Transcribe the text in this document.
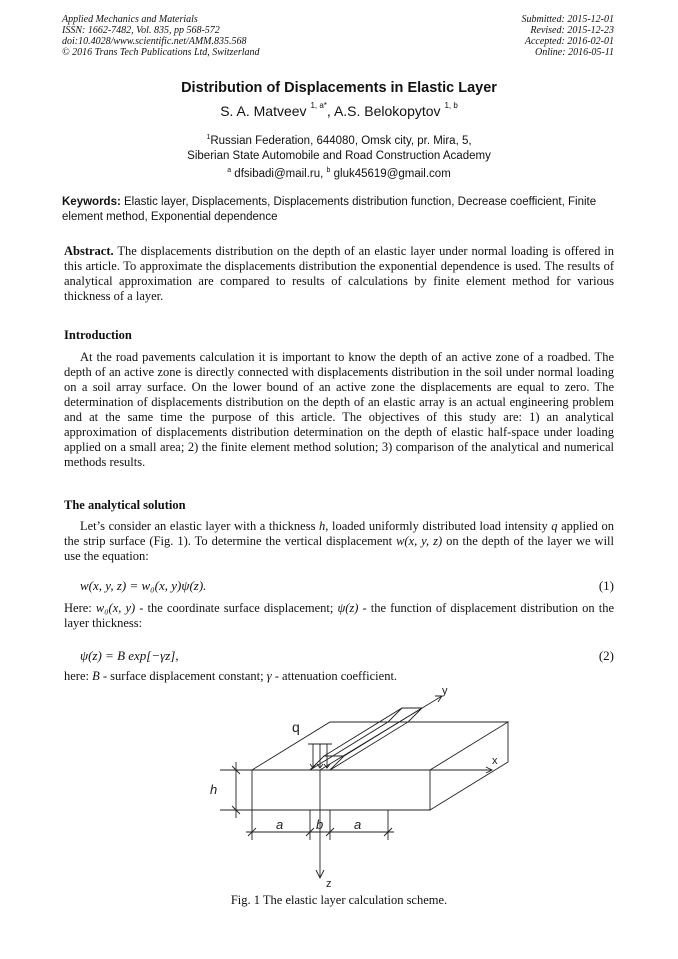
Applied Mechanics and Materials
ISSN: 1662-7482, Vol. 835, pp 568-572
doi:10.4028/www.scientific.net/AMM.835.568
© 2016 Trans Tech Publications Ltd, Switzerland
Submitted: 2015-12-01
Revised: 2015-12-23
Accepted: 2016-02-01
Online: 2016-05-11
Distribution of Displacements in Elastic Layer
S. A. Matveev $^{1, a*}$, A.S. Belokopytov $^{1, b}$
$^1$Russian Federation, 644080, Omsk city, pr. Mira, 5,
Siberian State Automobile and Road Construction Academy
$^a$ dfsibadi@mail.ru, $^b$ gluk45619@gmail.com
Keywords: Elastic layer, Displacements, Displacements distribution function, Decrease coefficient, Finite element method, Exponential dependence
Abstract. The displacements distribution on the depth of an elastic layer under normal loading is offered in this article. To approximate the displacements distribution the exponential dependence is used. The results of analytical approximation are compared to results of calculations by finite element method for various thickness of a layer.
Introduction
At the road pavements calculation it is important to know the depth of an active zone of a roadbed. The depth of an active zone is directly connected with displacements distribution in the soil under normal loading on a soil array surface. On the lower bound of an active zone the displacements are equal to zero. The determination of displacements distribution on the depth of an elastic array is an actual engineering problem and at the same time the purpose of this article. The objectives of this study are: 1) an analytical approximation of displacements distribution determination on the depth of elastic half-space under loading applied on a small area; 2) the finite element method solution; 3) comparison of the analytical and numerical methods results.
The analytical solution
Let’s consider an elastic layer with a thickness h, loaded uniformly distributed load intensity q applied on the strip surface (Fig. 1). To determine the vertical displacement w(x, y, z) on the depth of the layer we will use the equation:
w(x, y, z) = w₀(x, y)ψ(z).	(1)
Here: w₀(x, y) - the coordinate surface displacement; ψ(z) - the function of displacement distribution on the layer thickness:
ψ(z) = B exp[−γz],	(2)
here: B - surface displacement constant; γ - attenuation coefficient.
q
y
x
h
a	b a
z
Fig. 1 The elastic layer calculation scheme.
